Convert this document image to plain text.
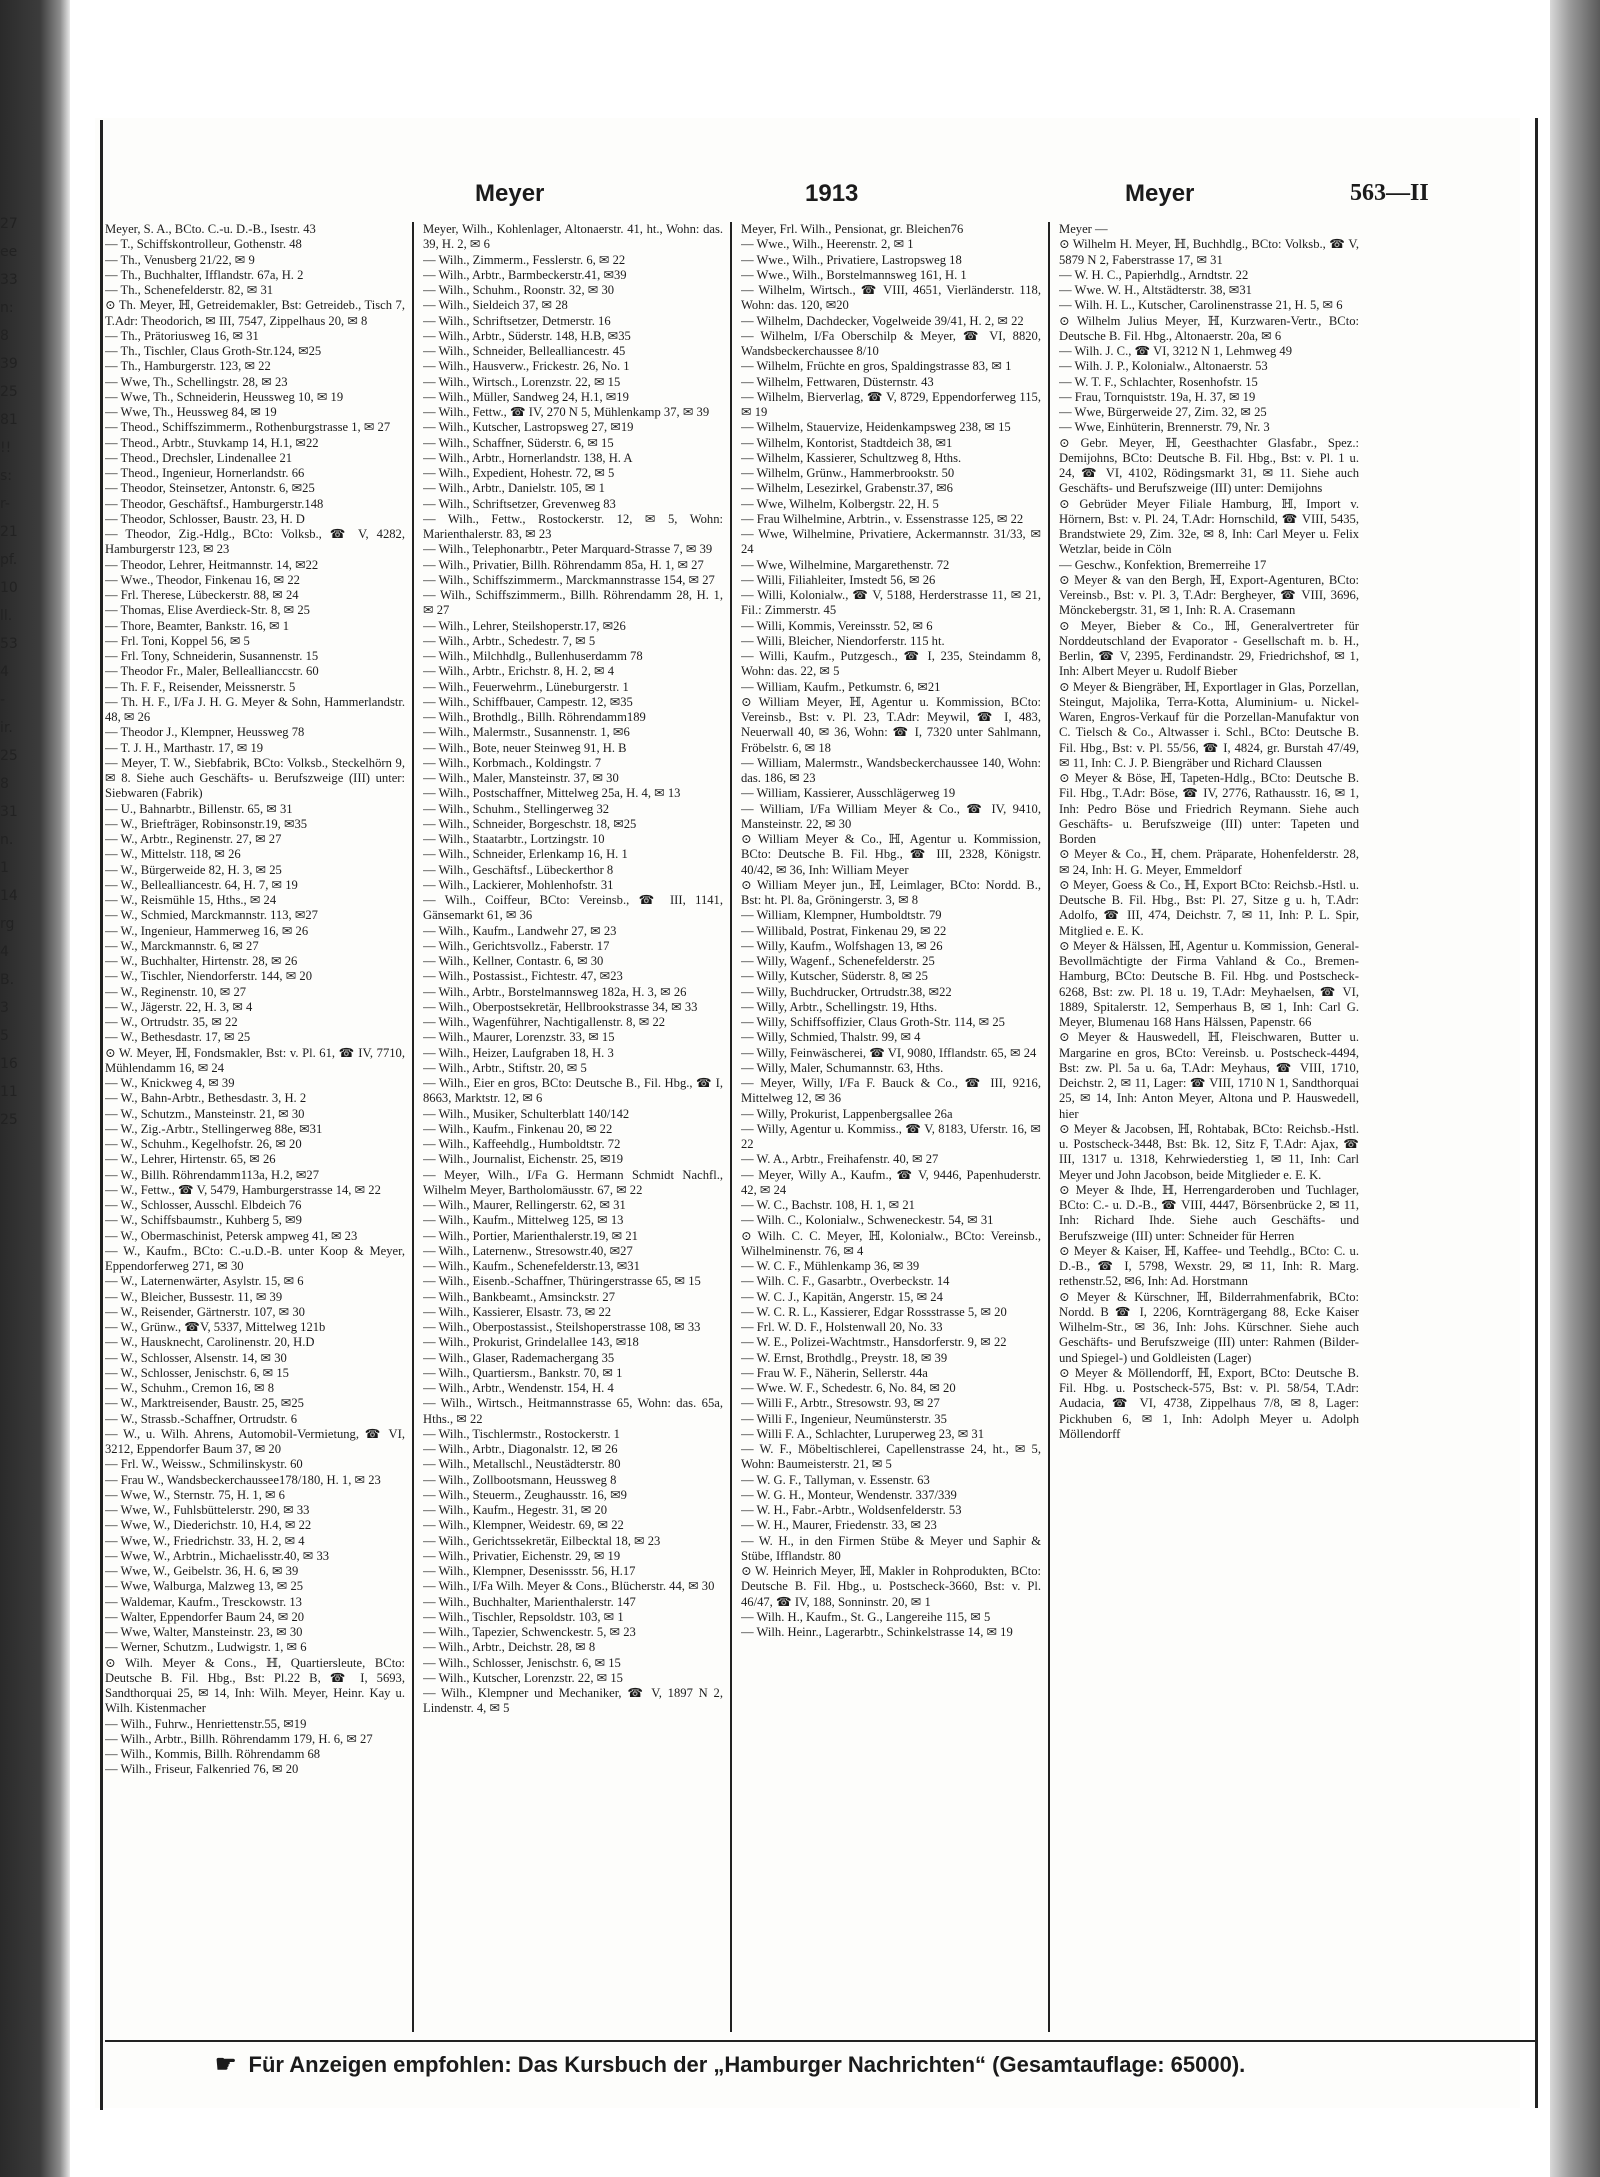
27
ee
33
n:
8
39
25
81
!!
s:
r-
21
pf.
10
ll.
53
4
-
ir.
25
8
31
n.
1
14
rg
4
B.
3
5
16
11
25
Meyer	1913	Meyer	563—II

Meyer, S. A., BCto. C.-u. D.-B., Isestr. 43

— T., Schiffskontrolleur, Gothenstr. 48

— Th., Venusberg 21/22, ✉ 9

— Th., Buchhalter, Ifflandstr. 67a, H. 2

— Th., Schenefelderstr. 82, ✉ 31

⊙ Th. Meyer, ℍ, Getreidemakler, Bst: Getreideb., Tisch 7, T.Adr: Theodorich, ✉ III, 7547, Zippelhaus 20, ✉ 8

— Th., Prätoriusweg 16, ✉ 31

— Th., Tischler, Claus Groth-Str.124, ✉25

— Th., Hamburgerstr. 123, ✉ 22

— Wwe, Th., Schellingstr. 28, ✉ 23

— Wwe, Th., Schneiderin, Heussweg 10, ✉ 19

— Wwe, Th., Heussweg 84, ✉ 19

— Theod., Schiffszimmerm., Rothenburgstrasse 1, ✉ 27

— Theod., Arbtr., Stuvkamp 14, H.1, ✉22

— Theod., Drechsler, Lindenallee 21

— Theod., Ingenieur, Hornerlandstr. 66

— Theodor, Steinsetzer, Antonstr. 6, ✉25

— Theodor, Geschäftsf., Hamburgerstr.148

— Theodor, Schlosser, Baustr. 23, H. D

— Theodor, Zig.-Hdlg., BCto: Volksb., ☎ V, 4282, Hamburgerstr 123, ✉ 23

— Theodor, Lehrer, Heitmannstr. 14, ✉22

— Wwe., Theodor, Finkenau 16, ✉ 22

— Frl. Therese, Lübeckerstr. 88, ✉ 24

— Thomas, Elise Averdieck-Str. 8, ✉ 25

— Thore, Beamter, Bankstr. 16, ✉ 1

— Frl. Toni, Koppel 56, ✉ 5

— Frl. Tony, Schneiderin, Susannenstr. 15

— Theodor Fr., Maler, Belleallianccstr. 60

— Th. F. F., Reisender, Meissnerstr. 5

— Th. H. F., I/Fa J. H. G. Meyer & Sohn, Hammerlandstr. 48, ✉ 26

— Theodor J., Klempner, Heussweg 78

— T. J. H., Marthastr. 17, ✉ 19

— Meyer, T. W., Siebfabrik, BCto: Volksb., Steckelhörn 9, ✉ 8. Siehe auch Geschäfts- u. Berufszweige (III) unter: Siebwaren (Fabrik)

— U., Bahnarbtr., Billenstr. 65, ✉ 31

— W., Briefträger, Robinsonstr.19, ✉35

— W., Arbtr., Reginenstr. 27, ✉ 27

— W., Mittelstr. 118, ✉ 26

— W., Bürgerweide 82, H. 3, ✉ 25

— W., Bellealliancestr. 64, H. 7, ✉ 19

— W., Reismühle 15, Hths., ✉ 24

— W., Schmied, Marckmannstr. 113, ✉27

— W., Ingenieur, Hammerweg 16, ✉ 26

— W., Marckmannstr. 6, ✉ 27

— W., Buchhalter, Hirtenstr. 28, ✉ 26

— W., Tischler, Niendorferstr. 144, ✉ 20

— W., Reginenstr. 10, ✉ 27

— W., Jägerstr. 22, H. 3, ✉ 4

— W., Ortrudstr. 35, ✉ 22

— W., Bethesdastr. 17, ✉ 25

⊙ W. Meyer, ℍ, Fondsmakler, Bst: v. Pl. 61, ☎ IV, 7710, Mühlendamm 16, ✉ 24

— W., Knickweg 4, ✉ 39

— W., Bahn-Arbtr., Bethesdastr. 3, H. 2

— W., Schutzm., Mansteinstr. 21, ✉ 30

— W., Zig.-Arbtr., Stellingerweg 88e, ✉31

— W., Schuhm., Kegelhofstr. 26, ✉ 20

— W., Lehrer, Hirtenstr. 65, ✉ 26

— W., Billh. Röhrendamm113a, H.2, ✉27

— W., Fettw., ☎ V, 5479, Hamburgerstrasse 14, ✉ 22

— W., Schlosser, Ausschl. Elbdeich 76

— W., Schiffsbaumstr., Kuhberg 5, ✉9

— W., Obermaschinist, Petersk ampweg 41, ✉ 23

— W., Kaufm., BCto: C.-u.D.-B. unter Koop & Meyer, Eppendorferweg 271, ✉ 30

— W., Laternenwärter, Asylstr. 15, ✉ 6

— W., Bleicher, Bussestr. 11, ✉ 39

— W., Reisender, Gärtnerstr. 107, ✉ 30

— W., Grünw., ☎V, 5337, Mittelweg 121b

— W., Hausknecht, Carolinenstr. 20, H.D

— W., Schlosser, Alsenstr. 14, ✉ 30

— W., Schlosser, Jenischstr. 6, ✉ 15

— W., Schuhm., Cremon 16, ✉ 8

— W., Marktreisender, Baustr. 25, ✉25

— W., Strassb.-Schaffner, Ortrudstr. 6

— W., u. Wilh. Ahrens, Automobil-Vermietung, ☎ VI, 3212, Eppendorfer Baum 37, ✉ 20

— Frl. W., Weissw., Schmilinskystr. 60

— Frau W., Wandsbeckerchaussee178/180, H. 1, ✉ 23

— Wwe, W., Sternstr. 75, H. 1, ✉ 6

— Wwe, W., Fuhlsbüttelerstr. 290, ✉ 33

— Wwe, W., Diederichstr. 10, H.4, ✉ 22

— Wwe, W., Friedrichstr. 33, H. 2, ✉ 4

— Wwe, W., Arbtrin., Michaelisstr.40, ✉ 33

— Wwe, W., Geibelstr. 36, H. 6, ✉ 39

— Wwe, Walburga, Malzweg 13, ✉ 25

— Waldemar, Kaufm., Tresckowstr. 13

— Walter, Eppendorfer Baum 24, ✉ 20

— Wwe, Walter, Mansteinstr. 23, ✉ 30

— Werner, Schutzm., Ludwigstr. 1, ✉ 6

⊙ Wilh. Meyer & Cons., ℍ, Quartiersleute, BCto: Deutsche B. Fil. Hbg., Bst: Pl.22 B, ☎ I, 5693, Sandthorquai 25, ✉ 14, Inh: Wilh. Meyer, Heinr. Kay u. Wilh. Kistenmacher

— Wilh., Fuhrw., Henriettenstr.55, ✉19

— Wilh., Arbtr., Billh. Röhrendamm 179, H. 6, ✉ 27

— Wilh., Kommis, Billh. Röhrendamm 68

— Wilh., Friseur, Falkenried 76, ✉ 20

Meyer, Wilh., Kohlenlager, Altonaerstr. 41, ht., Wohn: das. 39, H. 2, ✉ 6

— Wilh., Zimmerm., Fesslerstr. 6, ✉ 22

— Wilh., Arbtr., Barmbeckerstr.41, ✉39

— Wilh., Schuhm., Roonstr. 32, ✉ 30

— Wilh., Sieldeich 37, ✉ 28

— Wilh., Schriftsetzer, Detmerstr. 16

— Wilh., Arbtr., Süderstr. 148, H.B, ✉35

— Wilh., Schneider, Bellealliancestr. 45

— Wilh., Hausverw., Frickestr. 26, No. 1

— Wilh., Wirtsch., Lorenzstr. 22, ✉ 15

— Wilh., Müller, Sandweg 24, H.1, ✉19

— Wilh., Fettw., ☎ IV, 270 N 5, Mühlenkamp 37, ✉ 39

— Wilh., Kutscher, Lastropsweg 27, ✉19

— Wilh., Schaffner, Süderstr. 6, ✉ 15

— Wilh., Arbtr., Hornerlandstr. 138, H. A

— Wilh., Expedient, Hohestr. 72, ✉ 5

— Wilh., Arbtr., Danielstr. 105, ✉ 1

— Wilh., Schriftsetzer, Grevenweg 83

— Wilh., Fettw., Rostockerstr. 12, ✉ 5, Wohn: Marienthalerstr. 83, ✉ 23

— Wilh., Telephonarbtr., Peter Marquard-Strasse 7, ✉ 39

— Wilh., Privatier, Billh. Röhrendamm 85a, H. 1, ✉ 27

— Wilh., Schiffszimmerm., Marckmannstrasse 154, ✉ 27

— Wilh., Schiffszimmerm., Billh. Röhrendamm 28, H. 1, ✉ 27

— Wilh., Lehrer, Steilshoperstr.17, ✉26

— Wilh., Arbtr., Schedestr. 7, ✉ 5

— Wilh., Milchhdlg., Bullenhuserdamm 78

— Wilh., Arbtr., Erichstr. 8, H. 2, ✉ 4

— Wilh., Feuerwehrm., Lüneburgerstr. 1

— Wilh., Schiffbauer, Campestr. 12, ✉35

— Wilh., Brothdlg., Billh. Röhrendamm189

— Wilh., Malermstr., Susannenstr. 1, ✉6

— Wilh., Bote, neuer Steinweg 91, H. B

— Wilh., Korbmach., Koldingstr. 7

— Wilh., Maler, Mansteinstr. 37, ✉ 30

— Wilh., Postschaffner, Mittelweg 25a, H. 4, ✉ 13

— Wilh., Schuhm., Stellingerweg 32

— Wilh., Schneider, Borgeschstr. 18, ✉25

— Wilh., Staatarbtr., Lortzingstr. 10

— Wilh., Schneider, Erlenkamp 16, H. 1

— Wilh., Geschäftsf., Lübeckerthor 8

— Wilh., Lackierer, Mohlenhofstr. 31

— Wilh., Coiffeur, BCto: Vereinsb., ☎ III, 1141, Gänsemarkt 61, ✉ 36

— Wilh., Kaufm., Landwehr 27, ✉ 23

— Wilh., Gerichtsvollz., Faberstr. 17

— Wilh., Kellner, Contastr. 6, ✉ 30

— Wilh., Postassist., Fichtestr. 47, ✉23

— Wilh., Arbtr., Borstelmannsweg 182a, H. 3, ✉ 26

— Wilh., Oberpostsekretär, Hellbrookstrasse 34, ✉ 33

— Wilh., Wagenführer, Nachtigallenstr. 8, ✉ 22

— Wilh., Maurer, Lorenzstr. 33, ✉ 15

— Wilh., Heizer, Laufgraben 18, H. 3

— Wilh., Arbtr., Stiftstr. 20, ✉ 5

— Wilh., Eier en gros, BCto: Deutsche B., Fil. Hbg., ☎ I, 8663, Marktstr. 12, ✉ 6

— Wilh., Musiker, Schulterblatt 140/142

— Wilh., Kaufm., Finkenau 20, ✉ 22

— Wilh., Kaffeehdlg., Humboldtstr. 72

— Wilh., Journalist, Eichenstr. 25, ✉19

— Meyer, Wilh., I/Fa G. Hermann Schmidt Nachfl., Wilhelm Meyer, Bartholomäusstr. 67, ✉ 22

— Wilh., Maurer, Rellingerstr. 62, ✉ 31

— Wilh., Kaufm., Mittelweg 125, ✉ 13

— Wilh., Portier, Marienthalerstr.19, ✉ 21

— Wilh., Laternenw., Stresowstr.40, ✉27

— Wilh., Kaufm., Schenefelderstr.13, ✉31

— Wilh., Eisenb.-Schaffner, Thüringerstrasse 65, ✉ 15

— Wilh., Bankbeamt., Amsinckstr. 27

— Wilh., Kassierer, Elsastr. 73, ✉ 22

— Wilh., Oberpostassist., Steilshoperstrasse 108, ✉ 33

— Wilh., Prokurist, Grindelallee 143, ✉18

— Wilh., Glaser, Rademachergang 35

— Wilh., Quartiersm., Bankstr. 70, ✉ 1

— Wilh., Arbtr., Wendenstr. 154, H. 4

— Wilh., Wirtsch., Heitmannstrasse 65, Wohn: das. 65a, Hths., ✉ 22

— Wilh., Tischlermstr., Rostockerstr. 1

— Wilh., Arbtr., Diagonalstr. 12, ✉ 26

— Wilh., Metallschl., Neustädterstr. 80

— Wilh., Zollbootsmann, Heussweg 8

— Wilh., Steuerm., Zeughausstr. 16, ✉9

— Wilh., Kaufm., Hegestr. 31, ✉ 20

— Wilh., Klempner, Weidestr. 69, ✉ 22

— Wilh., Gerichtssekretär, Eilbecktal 18, ✉ 23

— Wilh., Privatier, Eichenstr. 29, ✉ 19

— Wilh., Klempner, Desenissstr. 56, H.17

— Wilh., I/Fa Wilh. Meyer & Cons., Blücherstr. 44, ✉ 30

— Wilh., Buchhalter, Marienthalerstr. 147

— Wilh., Tischler, Repsoldstr. 103, ✉ 1

— Wilh., Tapezier, Schwenckestr. 5, ✉ 23

— Wilh., Arbtr., Deichstr. 28, ✉ 8

— Wilh., Schlosser, Jenischstr. 6, ✉ 15

— Wilh., Kutscher, Lorenzstr. 22, ✉ 15

— Wilh., Klempner und Mechaniker, ☎ V, 1897 N 2, Lindenstr. 4, ✉ 5

Meyer, Frl. Wilh., Pensionat, gr. Bleichen76

— Wwe., Wilh., Heerenstr. 2, ✉ 1

— Wwe., Wilh., Privatiere, Lastropsweg 18

— Wwe., Wilh., Borstelmannsweg 161, H. 1

— Wilhelm, Wirtsch., ☎ VIII, 4651, Vierländerstr. 118, Wohn: das. 120, ✉20

— Wilhelm, Dachdecker, Vogelweide 39/41, H. 2, ✉ 22

— Wilhelm, I/Fa Oberschilp & Meyer, ☎ VI, 8820, Wandsbeckerchaussee 8/10

— Wilhelm, Früchte en gros, Spaldingstrasse 83, ✉ 1

— Wilhelm, Fettwaren, Düsternstr. 43

— Wilhelm, Bierverlag, ☎ V, 8729, Eppendorferweg 115, ✉ 19

— Wilhelm, Stauervize, Heidenkampsweg 238, ✉ 15

— Wilhelm, Kontorist, Stadtdeich 38, ✉1

— Wilhelm, Kassierer, Schultzweg 8, Hths.

— Wilhelm, Grünw., Hammerbrookstr. 50

— Wilhelm, Lesezirkel, Grabenstr.37, ✉6

— Wwe, Wilhelm, Kolbergstr. 22, H. 5

— Frau Wilhelmine, Arbtrin., v. Essenstrasse 125, ✉ 22

— Wwe, Wilhelmine, Privatiere, Ackermannstr. 31/33, ✉ 24

— Wwe, Wilhelmine, Margarethenstr. 72

— Willi, Filiahleiter, Imstedt 56, ✉ 26

— Willi, Kolonialw., ☎ V, 5188, Herderstrasse 11, ✉ 21, Fil.: Zimmerstr. 45

— Willi, Kommis, Vereinsstr. 52, ✉ 6

— Willi, Bleicher, Niendorferstr. 115 ht.

— Willi, Kaufm., Putzgesch., ☎ I, 235, Steindamm 8, Wohn: das. 22, ✉ 5

— William, Kaufm., Petkumstr. 6, ✉21

⊙ William Meyer, ℍ, Agentur u. Kommission, BCto: Vereinsb., Bst: v. Pl. 23, T.Adr: Meywil, ☎ I, 483, Neuerwall 40, ✉ 36, Wohn: ☎ I, 7320 unter Sahlmann, Fröbelstr. 6, ✉ 18

— William, Malermstr., Wandsbeckerchaussee 140, Wohn: das. 186, ✉ 23

— William, Kassierer, Ausschlägerweg 19

— William, I/Fa William Meyer & Co., ☎ IV, 9410, Mansteinstr. 22, ✉ 30

⊙ William Meyer & Co., ℍ, Agentur u. Kommission, BCto: Deutsche B. Fil. Hbg., ☎ III, 2328, Königstr. 40/42, ✉ 36, Inh: William Meyer

⊙ William Meyer jun., ℍ, Leimlager, BCto: Nordd. B., Bst: ht. Pl. 8a, Gröningerstr. 3, ✉ 8

— William, Klempner, Humboldtstr. 79

— Willibald, Postrat, Finkenau 29, ✉ 22

— Willy, Kaufm., Wolfshagen 13, ✉ 26

— Willy, Wagenf., Schenefelderstr. 25

— Willy, Kutscher, Süderstr. 8, ✉ 25

— Willy, Buchdrucker, Ortrudstr.38, ✉22

— Willy, Arbtr., Schellingstr. 19, Hths.

— Willy, Schiffsoffizier, Claus Groth-Str. 114, ✉ 25

— Willy, Schmied, Thalstr. 99, ✉ 4

— Willy, Feinwäscherei, ☎ VI, 9080, Ifflandstr. 65, ✉ 24

— Willy, Maler, Schumannstr. 63, Hths.

— Meyer, Willy, I/Fa F. Bauck & Co., ☎ III, 9216, Mittelweg 12, ✉ 36

— Willy, Prokurist, Lappenbergsallee 26a

— Willy, Agentur u. Kommiss., ☎ V, 8183, Uferstr. 16, ✉ 22

— W. A., Arbtr., Freihafenstr. 40, ✉ 27

— Meyer, Willy A., Kaufm., ☎ V, 9446, Papenhuderstr. 42, ✉ 24

— W. C., Bachstr. 108, H. 1, ✉ 21

— Wilh. C., Kolonialw., Schweneckestr. 54, ✉ 31

⊙ Wilh. C. C. Meyer, ℍ, Kolonialw., BCto: Vereinsb., Wilhelminenstr. 76, ✉ 4

— W. C. F., Mühlenkamp 36, ✉ 39

— Wilh. C. F., Gasarbtr., Overbeckstr. 14

— W. C. J., Kapitän, Angerstr. 15, ✉ 24

— W. C. R. L., Kassierer, Edgar Rossstrasse 5, ✉ 20

— Frl. W. D. F., Holstenwall 20, No. 33

— W. E., Polizei-Wachtmstr., Hansdorferstr. 9, ✉ 22

— W. Ernst, Brothdlg., Preystr. 18, ✉ 39

— Frau W. F., Näherin, Sellerstr. 44a

— Wwe. W. F., Schedestr. 6, No. 84, ✉ 20

— Willi F., Arbtr., Stresowstr. 93, ✉ 27

— Willi F., Ingenieur, Neumünsterstr. 35

— Willi F. A., Schlachter, Luruperweg 23, ✉ 31

— W. F., Möbeltischlerei, Capellenstrasse 24, ht., ✉ 5, Wohn: Baumeisterstr. 21, ✉ 5

— W. G. F., Tallyman, v. Essenstr. 63

— W. G. H., Monteur, Wendenstr. 337/339

— W. H., Fabr.-Arbtr., Woldsenfelderstr. 53

— W. H., Maurer, Friedenstr. 33, ✉ 23

— W. H., in den Firmen Stübe & Meyer und Saphir & Stübe, Ifflandstr. 80

⊙ W. Heinrich Meyer, ℍ, Makler in Rohprodukten, BCto: Deutsche B. Fil. Hbg., u. Postscheck-3660, Bst: v. Pl. 46/47, ☎ IV, 188, Sonninstr. 20, ✉ 1

— Wilh. H., Kaufm., St. G., Langereihe 115, ✉ 5

— Wilh. Heinr., Lagerarbtr., Schinkelstrasse 14, ✉ 19

Meyer —

⊙ Wilhelm H. Meyer, ℍ, Buchhdlg., BCto: Volksb., ☎ V, 5879 N 2, Faberstrasse 17, ✉ 31

— W. H. C., Papierhdlg., Arndtstr. 22

— Wwe. W. H., Altstädterstr. 38, ✉31

— Wilh. H. L., Kutscher, Carolinenstrasse 21, H. 5, ✉ 6

⊙ Wilhelm Julius Meyer, ℍ, Kurzwaren-Vertr., BCto: Deutsche B. Fil. Hbg., Altonaerstr. 20a, ✉ 6

— Wilh. J. C., ☎ VI, 3212 N 1, Lehmweg 49

— Wilh. J. P., Kolonialw., Altonaerstr. 53

— W. T. F., Schlachter, Rosenhofstr. 15

— Frau, Tornquiststr. 19a, H. 37, ✉ 19

— Wwe, Bürgerweide 27, Zim. 32, ✉ 25

— Wwe, Einhüterin, Brennerstr. 79, Nr. 3

⊙ Gebr. Meyer, ℍ, Geesthachter Glasfabr., Spez.: Demijohns, BCto: Deutsche B. Fil. Hbg., Bst: v. Pl. 1 u. 24, ☎ VI, 4102, Rödingsmarkt 31, ✉ 11. Siehe auch Geschäfts- und Berufszweige (III) unter: Demijohns

⊙ Gebrüder Meyer Filiale Hamburg, ℍ, Import v. Hörnern, Bst: v. Pl. 24, T.Adr: Hornschild, ☎ VIII, 5435, Brandstwiete 29, Zim. 32e, ✉ 8, Inh: Carl Meyer u. Felix Wetzlar, beide in Cöln

— Geschw., Konfektion, Bremerreihe 17

⊙ Meyer & van den Bergh, ℍ, Export-Agenturen, BCto: Vereinsb., Bst: v. Pl. 3, T.Adr: Bergheyer, ☎ VIII, 3696, Mönckebergstr. 31, ✉ 1, Inh: R. A. Crasemann

⊙ Meyer, Bieber & Co., ℍ, Generalvertreter für Norddeutschland der Evaporator - Gesellschaft m. b. H., Berlin, ☎ V, 2395, Ferdinandstr. 29, Friedrichshof, ✉ 1, Inh: Albert Meyer u. Rudolf Bieber

⊙ Meyer & Biengräber, ℍ, Exportlager in Glas, Porzellan, Steingut, Majolika, Terra-Kotta, Aluminium- u. Nickel-Waren, Engros-Verkauf für die Porzellan-Manufaktur von C. Tielsch & Co., Altwasser i. Schl., BCto: Deutsche B. Fil. Hbg., Bst: v. Pl. 55/56, ☎ I, 4824, gr. Burstah 47/49, ✉ 11, Inh: C. J. P. Biengräber und Richard Claussen

⊙ Meyer & Böse, ℍ, Tapeten-Hdlg., BCto: Deutsche B. Fil. Hbg., T.Adr: Böse, ☎ IV, 2776, Rathausstr. 16, ✉ 1, Inh: Pedro Böse und Friedrich Reymann. Siehe auch Geschäfts- u. Berufszweige (III) unter: Tapeten und Borden

⊙ Meyer & Co., ℍ, chem. Präparate, Hohenfelderstr. 28, ✉ 24, Inh: H. G. Meyer, Emmeldorf

⊙ Meyer, Goess & Co., ℍ, Export BCto: Reichsb.-Hstl. u. Deutsche B. Fil. Hbg., Bst: Pl. 27, Sitze g u. h, T.Adr: Adolfo, ☎ III, 474, Deichstr. 7, ✉ 11, Inh: P. L. Spir, Mitglied e. E. K.

⊙ Meyer & Hälssen, ℍ, Agentur u. Kommission, General-Bevollmächtigte der Firma Vahland & Co., Bremen-Hamburg, BCto: Deutsche B. Fil. Hbg. und Postscheck-6268, Bst: zw. Pl. 18 u. 19, T.Adr: Meyhaelsen, ☎ VI, 1889, Spitalerstr. 12, Semperhaus B, ✉ 1, Inh: Carl G. Meyer, Blumenau 168 Hans Hälssen, Papenstr. 66

⊙ Meyer & Hauswedell, ℍ, Fleischwaren, Butter u. Margarine en gros, BCto: Vereinsb. u. Postscheck-4494, Bst: zw. Pl. 5a u. 6a, T.Adr: Meyhaus, ☎ VIII, 1710, Deichstr. 2, ✉ 11, Lager: ☎ VIII, 1710 N 1, Sandthorquai 25, ✉ 14, Inh: Anton Meyer, Altona und P. Hauswedell, hier

⊙ Meyer & Jacobsen, ℍ, Rohtabak, BCto: Reichsb.-Hstl. u. Postscheck-3448, Bst: Bk. 12, Sitz F, T.Adr: Ajax, ☎ III, 1317 u. 1318, Kehrwiederstieg 1, ✉ 11, Inh: Carl Meyer und John Jacobson, beide Mitglieder e. E. K.

⊙ Meyer & Ihde, ℍ, Herrengarderoben und Tuchlager, BCto: C.- u. D.-B., ☎ VIII, 4447, Börsenbrücke 2, ✉ 11, Inh: Richard Ihde. Siehe auch Geschäfts- und Berufszweige (III) unter: Schneider für Herren

⊙ Meyer & Kaiser, ℍ, Kaffee- und Teehdlg., BCto: C. u. D.-B., ☎ I, 5798, Wexstr. 29, ✉ 11, Inh: R. Marg. rethenstr.52, ✉6, Inh: Ad. Horstmann

⊙ Meyer & Kürschner, ℍ, Bilderrahmenfabrik, BCto: Nordd. B ☎ I, 2206, Kornträgergang 88, Ecke Kaiser Wilhelm-Str., ✉ 36, Inh: Johs. Kürschner. Siehe auch Geschäfts- und Berufszweige (III) unter: Rahmen (Bilder- und Spiegel-) und Goldleisten (Lager)

⊙ Meyer & Möllendorff, ℍ, Export, BCto: Deutsche B. Fil. Hbg. u. Postscheck-575, Bst: v. Pl. 58/54, T.Adr: Audacia, ☎ VI, 4738, Zippelhaus 7/8, ✉ 8, Lager: Pickhuben 6, ✉ 1, Inh: Adolph Meyer u. Adolph Möllendorff

☛ Für Anzeigen empfohlen: Das Kursbuch der „Hamburger Nachrichten“ (Gesamtauflage: 65000).
